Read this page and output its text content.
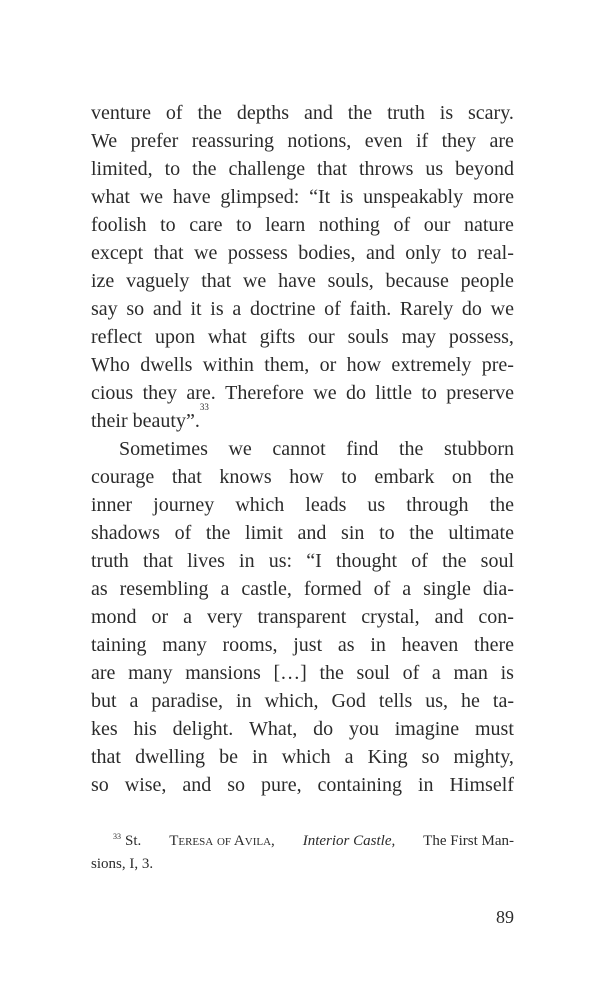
venture of the depths and the truth is scary.
We prefer reassuring notions, even if they are
limited, to the challenge that throws us beyond
what we have glimpsed: “It is unspeakably more
foolish to care to learn nothing of our nature
except that we possess bodies, and only to real-
ize vaguely that we have souls, because people
say so and it is a doctrine of faith. Rarely do we
reflect upon what gifts our souls may possess,
Who dwells within them, or how extremely pre-
cious they are. Therefore we do little to preserve
their beauty”.
33
Sometimes we cannot find the stubborn
courage that knows how to embark on the
inner journey which leads us through the
shadows of the limit and sin to the ultimate
truth that lives in us: “I thought of the soul
as resembling a castle, formed of a single dia-
mond or a very transparent crystal, and con-
taining many rooms, just as in heaven there
are many mansions […] the soul of a man is
but a paradise, in which, God tells us, he ta-
kes his delight. What, do you imagine must
that dwelling be in which a King so mighty,
so wise, and so pure, containing in Himself
$^{33}$ St. Teresa of Avila, Interior Castle, The First Man-
sions, I, 3.
89
